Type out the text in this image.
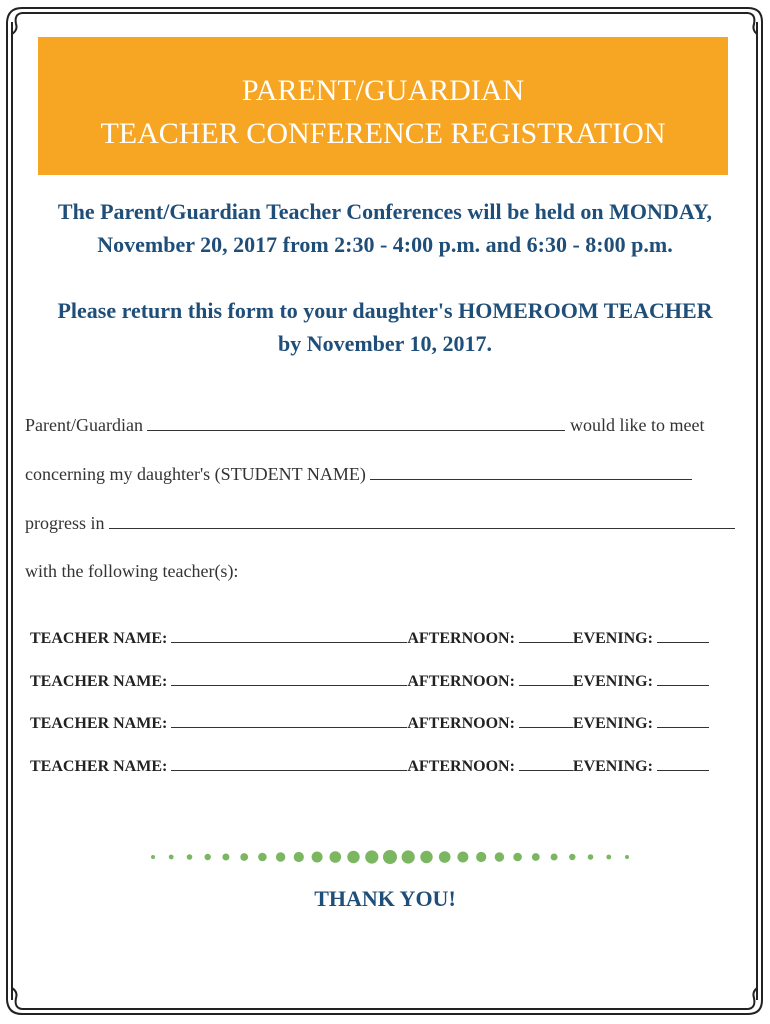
PARENT/GUARDIAN
TEACHER CONFERENCE REGISTRATION
The Parent/Guardian Teacher Conferences will be held on MONDAY,
November 20, 2017 from 2:30 - 4:00 p.m. and 6:30 - 8:00 p.m.
Please return this form to your daughter's HOMEROOM TEACHER
by November 10, 2017.
Parent/Guardian	would like to meet
concerning my daughter's (STUDENT NAME)
progress in
with the following teacher(s):
TEACHER NAME:	AFTERNOON:	EVENING:
TEACHER NAME:	AFTERNOON:	EVENING:
TEACHER NAME:	AFTERNOON:	EVENING:
TEACHER NAME:	AFTERNOON:	EVENING:
THANK YOU!
